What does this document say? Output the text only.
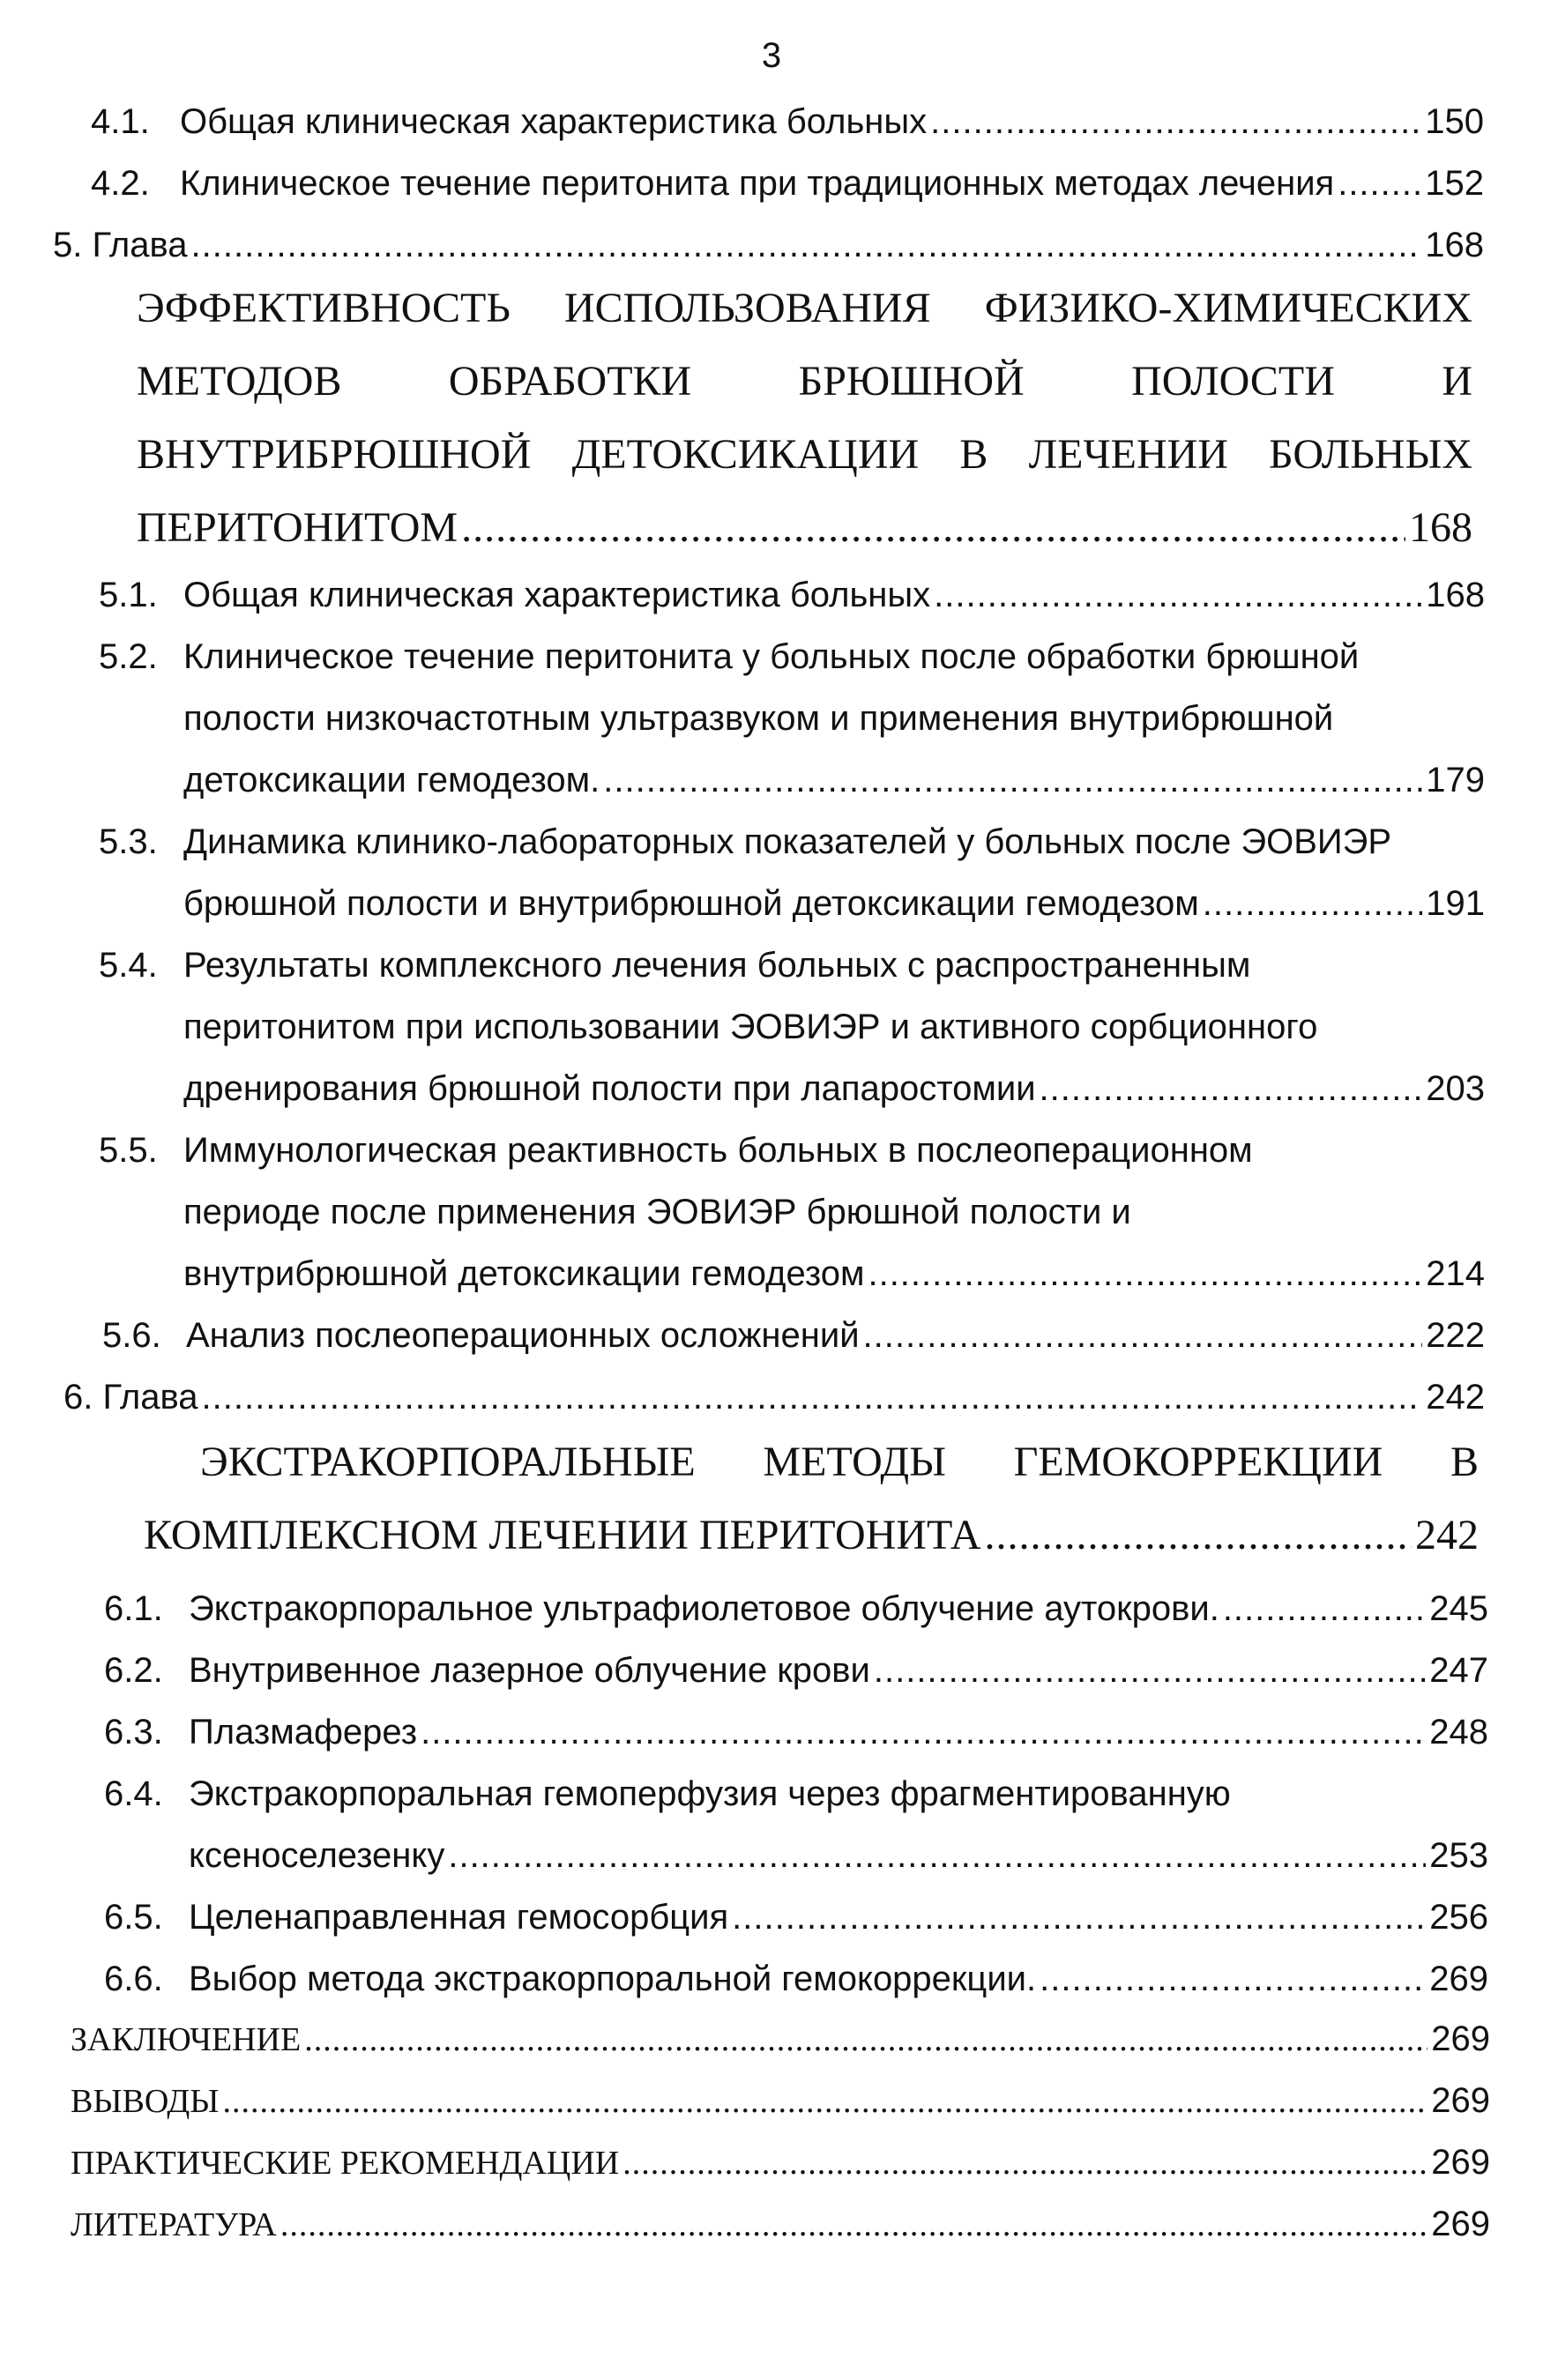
3
4.1. Общая клиническая характеристика больных .....	150
4.2. Клиническое течение перитонита при традиционных методах лечения .....	152
5. Глава .....	168
ЭФФЕКТИВНОСТЬ ИСПОЛЬЗОВАНИЯ ФИЗИКО-ХИМИЧЕСКИХ
МЕТОДОВ ОБРАБОТКИ БРЮШНОЙ ПОЛОСТИ И
ВНУТРИБРЮШНОЙ ДЕТОКСИКАЦИИ В ЛЕЧЕНИИ БОЛЬНЫХ
ПЕРИТОНИТОМ .....	168
5.1. Общая клиническая характеристика больных .....	168
5.2. Клиническое течение перитонита у больных после обработки брюшной
полости низкочастотным ультразвуком и применения внутрибрюшной
детоксикации гемодезом. .....	179
5.3. Динамика клинико-лабораторных показателей у больных после ЭОВИЭР
брюшной полости и внутрибрюшной детоксикации гемодезом .....	191
5.4. Результаты комплексного лечения больных с распространенным
перитонитом при использовании ЭОВИЭР и активного сорбционного
дренирования брюшной полости при лапаростомии .....	203
5.5. Иммунологическая реактивность больных в послеоперационном
периоде после применения ЭОВИЭР брюшной полости и
внутрибрюшной детоксикации гемодезом .....	214
5.6. Анализ послеоперационных осложнений .....	222
6. Глава .....	242
ЭКСТРАКОРПОРАЛЬНЫЕ МЕТОДЫ ГЕМОКОРРЕКЦИИ В
КОМПЛЕКСНОМ ЛЕЧЕНИИ ПЕРИТОНИТА .....	242
6.1. Экстракорпоральное ультрафиолетовое облучение аутокрови. .....	245
6.2. Внутривенное лазерное облучение крови .....	247
6.3. Плазмаферез .....	248
6.4. Экстракорпоральная гемоперфузия через фрагментированную
ксеноселезенку .....	253
6.5. Целенаправленная гемосорбция .....	256
6.6. Выбор метода экстракорпоральной гемокоррекции. .....	269
ЗАКЛЮЧЕНИЕ .....	269
ВЫВОДЫ .....	269
ПРАКТИЧЕСКИЕ РЕКОМЕНДАЦИИ .....	269
ЛИТЕРАТУРА .....	269
